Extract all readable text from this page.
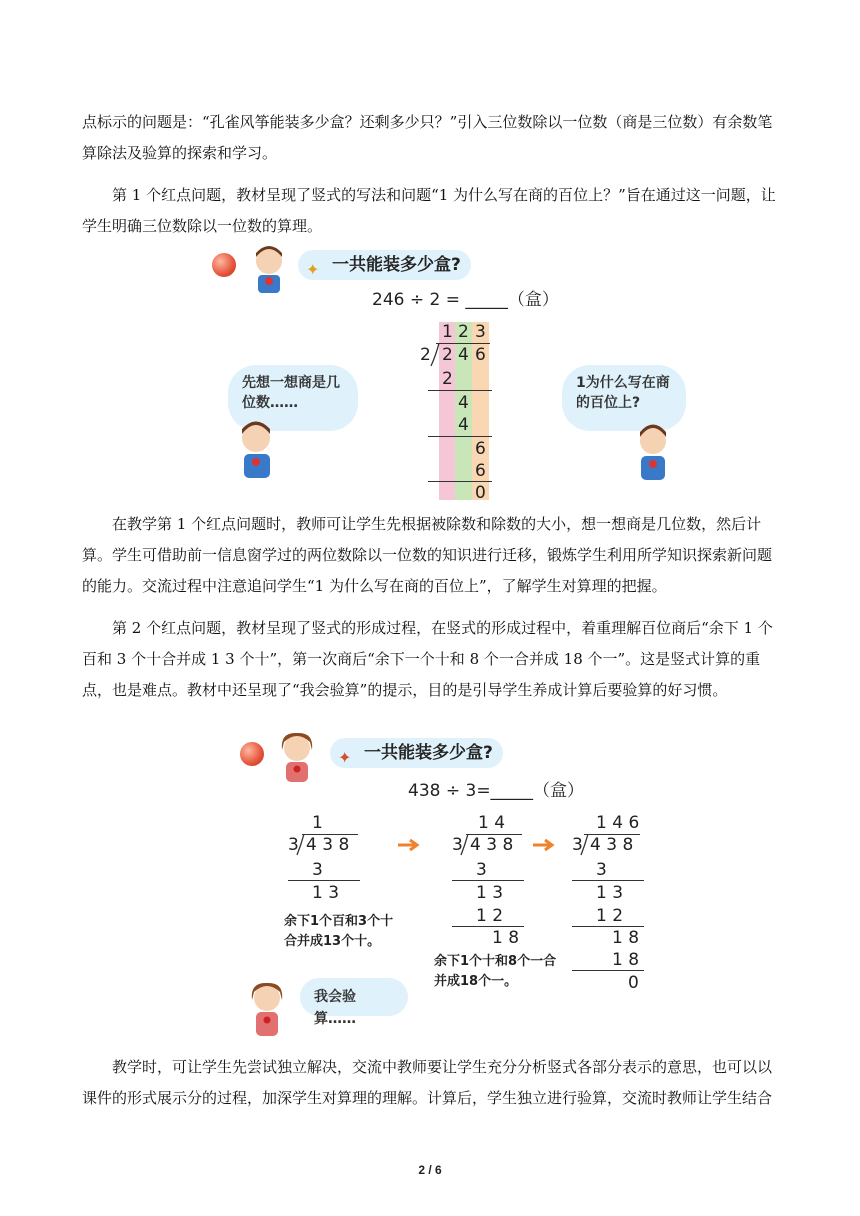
点标示的问题是：“孔雀风筝能装多少盒？还剩多少只？”引入三位数除以一位数（商是三位数）有余数笔算除法及验算的探索和学习。

第 1 个红点问题，教材呈现了竖式的写法和问题“1 为什么写在商的百位上？”旨在通过这一问题，让学生明确三位数除以一位数的算理。

✦ 一共能装多少盒?
246 ÷ 2 = _____（盒）
1 2 3
2 2 4 6
2
4
4
6
6
0
先想一想商是几位数……
1为什么写在商的百位上?

在教学第 1 个红点问题时，教师可让学生先根据被除数和除数的大小，想一想商是几位数，然后计算。学生可借助前一信息窗学过的两位数除以一位数的知识进行迁移，锻炼学生利用所学知识探索新问题的能力。交流过程中注意追问学生“1 为什么写在商的百位上”，了解学生对算理的把握。

第 2 个红点问题，教材呈现了竖式的形成过程，在竖式的形成过程中，着重理解百位商后“余下 1 个百和 3 个十合并成 1 3 个十”，第一次商后“余下一个十和 8 个一合并成 18 个一”。这是竖式计算的重点，也是难点。教材中还呈现了“我会验算”的提示，目的是引导学生养成计算后要验算的好习惯。

✦ 一共能装多少盒?
438 ÷ 3=_____（盒）
1
3 4 3 8
3
1 3
余下1个百和3个十合并成13个十。
1 4
3 4 3 8
3
1 3
1 2
1 8
余下1个十和8个一合并成18个一。
1 4 6
3 4 3 8
3
1 3
1 2
1 8
1 8
0
我会验算……

教学时，可让学生先尝试独立解决，交流中教师要让学生充分分析竖式各部分表示的意思，也可以以课件的形式展示分的过程，加深学生对算理的理解。计算后，学生独立进行验算，交流时教师让学生结合

2 / 6
